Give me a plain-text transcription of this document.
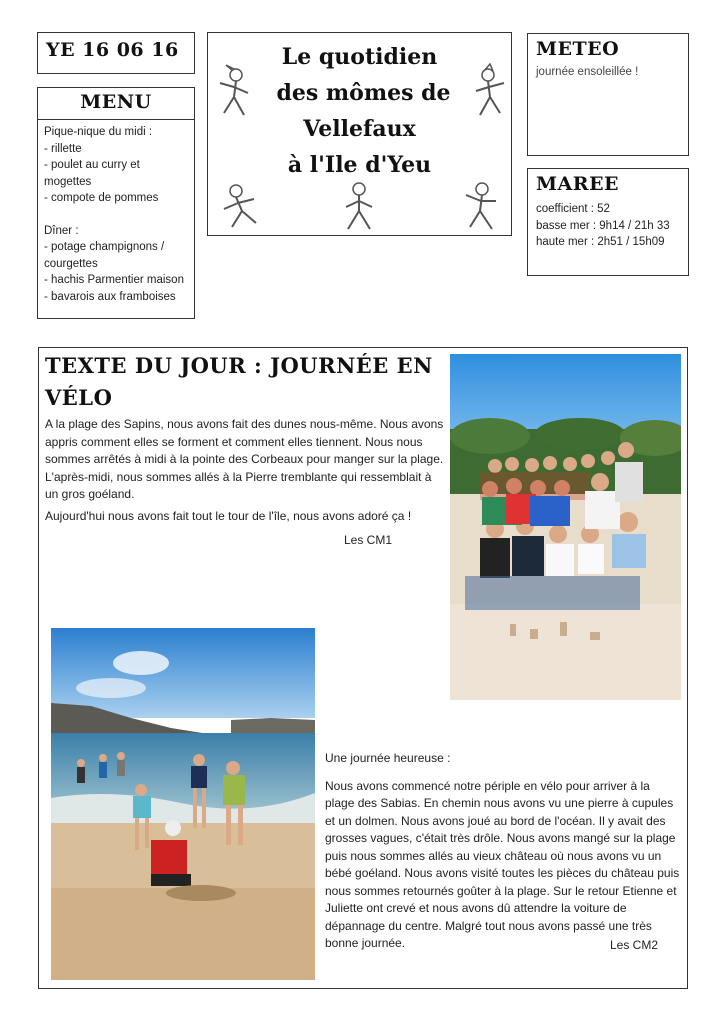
YE 16 06 16
MENU
Pique-nique du midi :
- rillette
- poulet au curry et mogettes
- compote de pommes
Dîner :
- potage champignons / courgettes
- hachis Parmentier maison
- bavarois aux framboises
Le quotidien
des mômes de
Vellefaux
à l'Ile d'Yeu
METEO
journée ensoleillée !
MAREE
coefficient : 52
basse mer : 9h14 / 21h 33
haute mer : 2h51 / 15h09
TEXTE DU JOUR : JOURNÉE EN
VÉLO

A la plage des Sapins, nous avons fait des dunes nous-même. Nous avons appris comment elles se forment et comment elles tiennent. Nous nous sommes arrêtés à midi à la pointe des Corbeaux pour manger sur la plage. L'après-midi, nous sommes allés à la Pierre tremblante qui ressemblait à un gros goéland.

Aujourd'hui nous avons fait tout le tour de l'île, nous avons adoré ça !

Les CM1

Une journée heureuse :

Nous avons commencé notre périple en vélo pour arriver à la plage des Sabias. En chemin nous avons vu une pierre à cupules et un dolmen. Nous avons joué au bord de l'océan. Il y avait des grosses vagues, c'était très drôle. Nous avons mangé sur la plage puis nous sommes allés au vieux château où nous avons vu un bébé goéland. Nous avons visité toutes les pièces du château puis nous sommes retournés goûter à la plage. Sur le retour Etienne et Juliette ont crevé et nous avons dû attendre la voiture de dépannage du centre. Malgré tout nous avons passé une très bonne journée.	Les CM2
